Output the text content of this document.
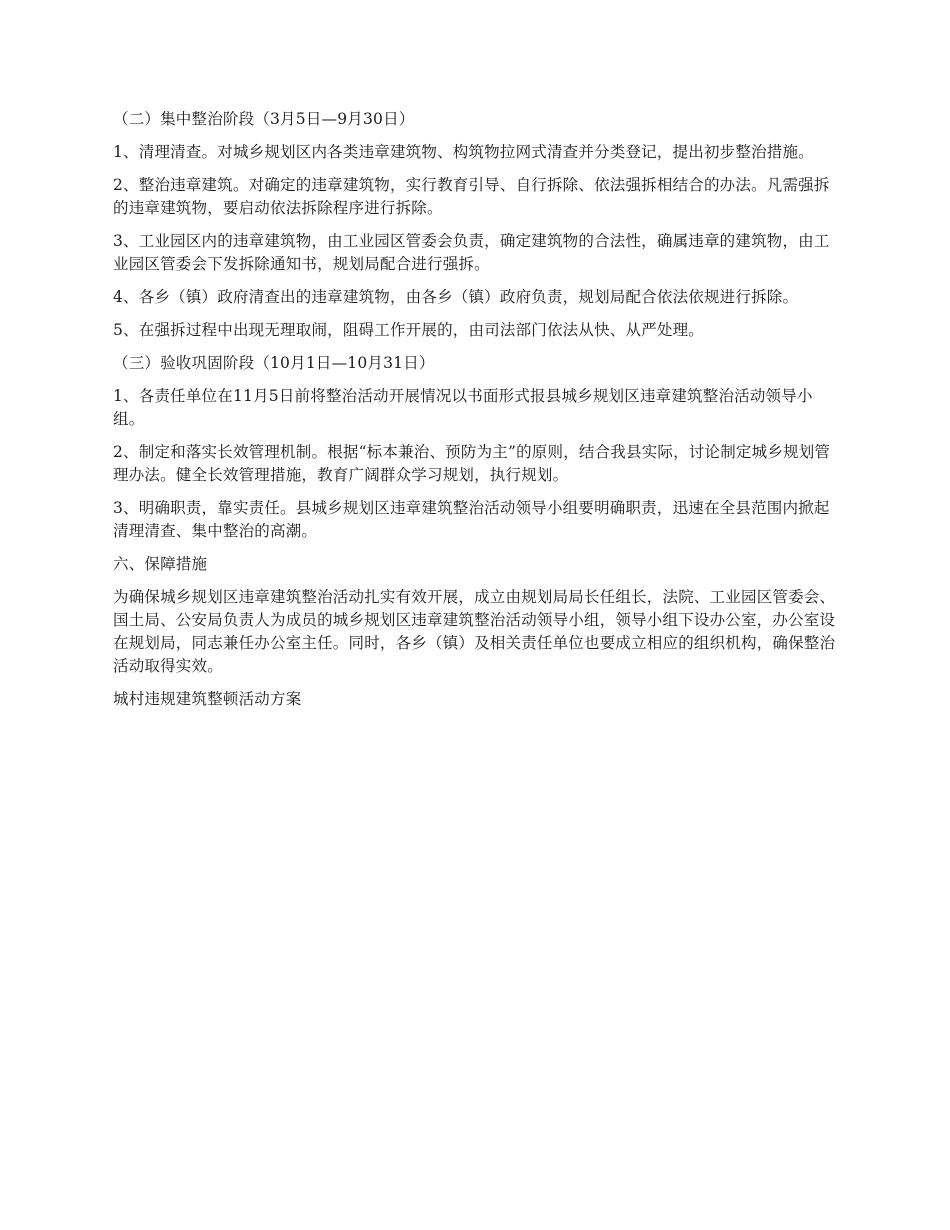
（二）集中整治阶段（3月5日—9月30日）

1、清理清查。对城乡规划区内各类违章建筑物、构筑物拉网式清查并分类登记，提出初步整治措施。

2、整治违章建筑。对确定的违章建筑物，实行教育引导、自行拆除、依法强拆相结合的办法。凡需强拆的违章建筑物，要启动依法拆除程序进行拆除。

3、工业园区内的违章建筑物，由工业园区管委会负责，确定建筑物的合法性，确属违章的建筑物，由工业园区管委会下发拆除通知书，规划局配合进行强拆。

4、各乡（镇）政府清查出的违章建筑物，由各乡（镇）政府负责，规划局配合依法依规进行拆除。

5、在强拆过程中出现无理取闹，阻碍工作开展的，由司法部门依法从快、从严处理。

（三）验收巩固阶段（10月1日—10月31日）

1、各责任单位在11月5日前将整治活动开展情况以书面形式报县城乡规划区违章建筑整治活动领导小组。

2、制定和落实长效管理机制。根据“标本兼治、预防为主”的原则，结合我县实际，讨论制定城乡规划管理办法。健全长效管理措施，教育广阔群众学习规划，执行规划。

3、明确职责，靠实责任。县城乡规划区违章建筑整治活动领导小组要明确职责，迅速在全县范围内掀起清理清查、集中整治的高潮。

六、保障措施

为确保城乡规划区违章建筑整治活动扎实有效开展，成立由规划局局长任组长，法院、工业园区管委会、国土局、公安局负责人为成员的城乡规划区违章建筑整治活动领导小组，领导小组下设办公室，办公室设在规划局，同志兼任办公室主任。同时，各乡（镇）及相关责任单位也要成立相应的组织机构，确保整治活动取得实效。

城村违规建筑整顿活动方案
